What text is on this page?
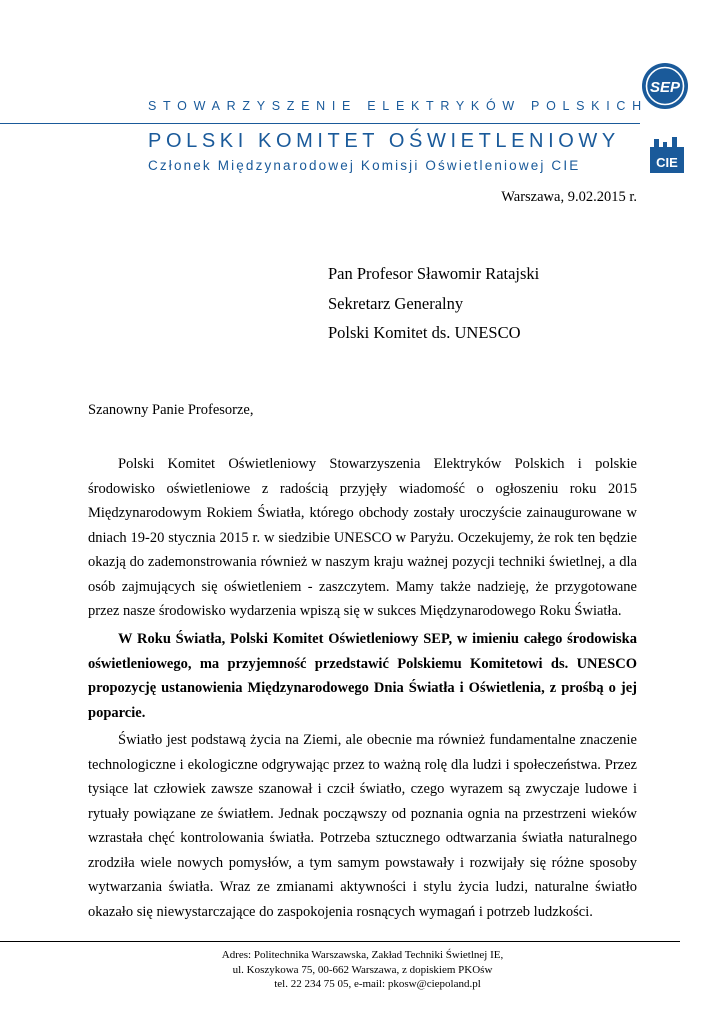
STOWARZYSZENIE ELEKTRYKÓW POLSKICH
POLSKI KOMITET OŚWIETLENIOWY
Członek Międzynarodowej Komisji Oświetleniowej CIE
SEP
CIE
Warszawa, 9.02.2015 r.
Pan Profesor Sławomir Ratajski
Sekretarz Generalny
Polski Komitet ds. UNESCO
Szanowny Panie Profesorze,

Polski Komitet Oświetleniowy Stowarzyszenia Elektryków Polskich i polskie środowisko oświetleniowe z radością przyjęły wiadomość o ogłoszeniu roku 2015 Międzynarodowym Rokiem Światła, którego obchody zostały uroczyście zainaugurowane w dniach 19-20 stycznia 2015 r. w siedzibie UNESCO w Paryżu. Oczekujemy, że rok ten będzie okazją do zademonstrowania również w naszym kraju ważnej pozycji techniki świetlnej, a dla osób zajmujących się oświetleniem - zaszczytem. Mamy także nadzieję, że przygotowane przez nasze środowisko wydarzenia wpiszą się w sukces Międzynarodowego Roku Światła.

W Roku Światła, Polski Komitet Oświetleniowy SEP, w imieniu całego środowiska oświetleniowego, ma przyjemność przedstawić Polskiemu Komitetowi ds. UNESCO propozycję ustanowienia Międzynarodowego Dnia Światła i Oświetlenia, z prośbą o jej poparcie.

Światło jest podstawą życia na Ziemi, ale obecnie ma również fundamentalne znaczenie technologiczne i ekologiczne odgrywając przez to ważną rolę dla ludzi i społeczeństwa. Przez tysiące lat człowiek zawsze szanował i czcił światło, czego wyrazem są zwyczaje ludowe i rytuały powiązane ze światłem. Jednak począwszy od poznania ognia na przestrzeni wieków wzrastała chęć kontrolowania światła. Potrzeba sztucznego odtwarzania światła naturalnego zrodziła wiele nowych pomysłów, a tym samym powstawały i rozwijały się różne sposoby wytwarzania światła. Wraz ze zmianami aktywności i stylu życia ludzi, naturalne światło okazało się niewystarczające do zaspokojenia rosnących wymagań i potrzeb ludzkości.

Adres: Politechnika Warszawska, Zakład Techniki Świetlnej IE,
ul. Koszykowa 75, 00-662 Warszawa, z dopiskiem PKOśw
tel. 22 234 75 05, e-mail: pkosw@ciepoland.pl
